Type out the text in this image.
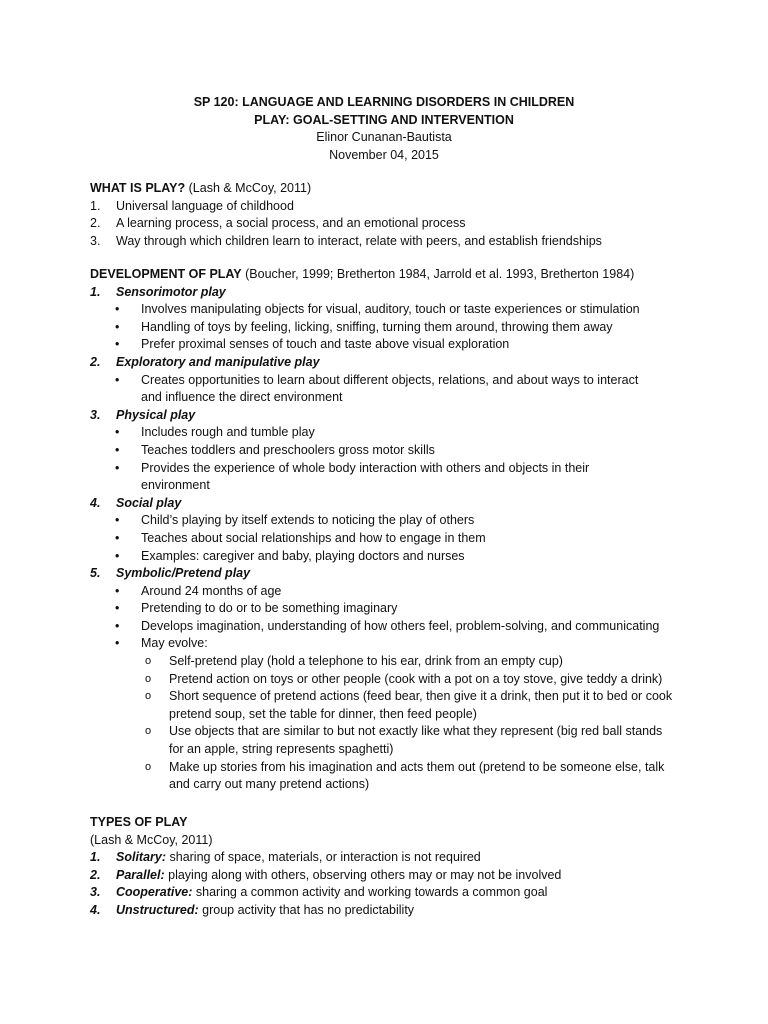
SP 120: LANGUAGE AND LEARNING DISORDERS IN CHILDREN
PLAY: GOAL-SETTING AND INTERVENTION
Elinor Cunanan-Bautista
November 04, 2015
WHAT IS PLAY? (Lash & McCoy, 2011)
1. Universal language of childhood
2. A learning process, a social process, and an emotional process
3. Way through which children learn to interact, relate with peers, and establish friendships
DEVELOPMENT OF PLAY (Boucher, 1999; Bretherton 1984, Jarrold et al. 1993, Bretherton 1984)
1.	Sensorimotor play
•	Involves manipulating objects for visual, auditory, touch or taste experiences or stimulation
•	Handling of toys by feeling, licking, sniffing, turning them around, throwing them away
•	Prefer proximal senses of touch and taste above visual exploration
2.	Exploratory and manipulative play
•	Creates opportunities to learn about different objects, relations, and about ways to interact and influence the direct environment
3.	Physical play
•	Includes rough and tumble play
•	Teaches toddlers and preschoolers gross motor skills
•	Provides the experience of whole body interaction with others and objects in their environment
4.	Social play
•	Child’s playing by itself extends to noticing the play of others
•	Teaches about social relationships and how to engage in them
•	Examples: caregiver and baby, playing doctors and nurses
5.	Symbolic/Pretend play
•	Around 24 months of age
•	Pretending to do or to be something imaginary
•	Develops imagination, understanding of how others feel, problem-solving, and communicating
•	May evolve:
o	Self-pretend play (hold a telephone to his ear, drink from an empty cup)
o	Pretend action on toys or other people (cook with a pot on a toy stove, give teddy a drink)
o	Short sequence of pretend actions (feed bear, then give it a drink, then put it to bed or cook pretend soup, set the table for dinner, then feed people)
o	Use objects that are similar to but not exactly like what they represent (big red ball stands for an apple, string represents spaghetti)
o	Make up stories from his imagination and acts them out (pretend to be someone else, talk and carry out many pretend actions)
TYPES OF PLAY
(Lash & McCoy, 2011)
1.	Solitary: sharing of space, materials, or interaction is not required
2.	Parallel: playing along with others, observing others may or may not be involved
3.	Cooperative: sharing a common activity and working towards a common goal
4.	Unstructured: group activity that has no predictability
